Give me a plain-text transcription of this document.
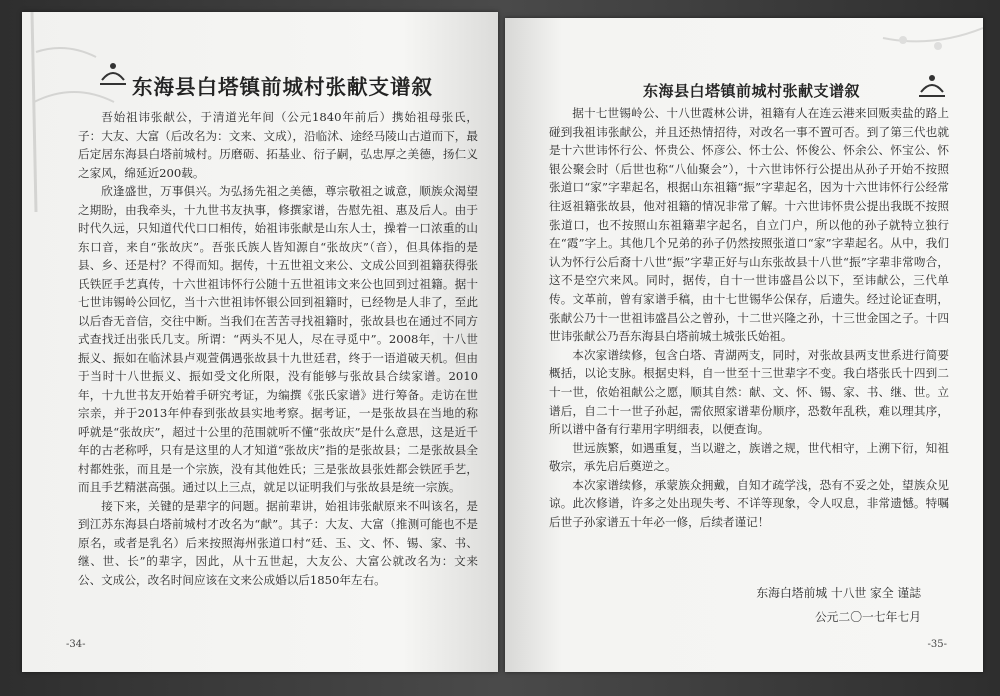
东海县白塔镇前城村张献支谱叙

吾始祖讳张献公，于清道光年间（公元1840年前后）携始祖母张氏，子：大友、大富（后改名为：文来、文成），沿临沭、途经马陵山古道而下，最后定居东海县白塔前城村。历磨砺、拓基业、衍子嗣，弘忠厚之美德，扬仁义之家风，绵延近200载。

欣逢盛世，万事俱兴。为弘扬先祖之美德，尊宗敬祖之诚意，顺族众渴望之期盼，由我牵头，十九世书友执事，修撰家谱，告慰先祖、惠及后人。由于时代久远，只知道代代口口相传，始祖讳张献是山东人士，操着一口浓重的山东口音，来自“张故庆”。吾张氏族人皆知源自“张故庆”（音），但具体指的是县、乡、还是村？不得而知。据传，十五世祖文来公、文成公回到祖籍获得张氏铁匠手艺真传，十六世祖讳怀行公随十五世祖讳文来公也回到过祖籍。据十七世讳锡岭公回忆，当十六世祖讳怀银公回到祖籍时，已经物是人非了，至此以后杳无音信，交往中断。当我们在苦苦寻找祖籍时，张故县也在通过不同方式查找迁出张氏几支。所谓：“两头不见人，尽在寻觅中”。2008年，十八世振义、振如在临沭县卢观萱偶遇张故县十九世廷君，终于一语道破天机。但由于当时十八世振义、振如受文化所限，没有能够与张故县合续家谱。2010年，十九世书友开始着手研究考证，为编撰《张氏家谱》进行筹备。走访在世宗亲，并于2013年仲春到张故县实地考察。据考证，一是张故县在当地的称呼就是“张故庆”，超过十公里的范围就听不懂“张故庆”是什么意思，这是近千年的古老称呼，只有是这里的人才知道“张故庆”指的是张故县；二是张故县全村都姓张，而且是一个宗族，没有其他姓氏；三是张故县张姓都会铁匠手艺，而且手艺精湛高强。通过以上三点，就足以证明我们与张故县是统一宗族。

接下来，关键的是辈字的问题。据前辈讲，始祖讳张献原来不叫该名，是到江苏东海县白塔前城村才改名为“献”。其子：大友、大富（推测可能也不是原名，或者是乳名）后来按照海州张道口村“廷、玉、文、怀、锡、家、书、继、世、长”的辈字，因此，从十五世起，大友公、大富公就改名为：文来公、文成公，改名时间应该在文来公成婚以后1850年左右。

-34-
东海县白塔镇前城村张献支谱叙

据十七世锡岭公、十八世霞林公讲，祖籍有人在连云港来回贩卖盐的路上碰到我祖讳张献公，并且还热情招待，对改名一事不置可否。到了第三代也就是十六世讳怀行公、怀贵公、怀彦公、怀士公、怀俊公、怀余公、怀宝公、怀银公聚会时（后世也称“八仙聚会”），十六世讳怀行公提出从孙子开始不按照张道口“家”字辈起名，根据山东祖籍“振”字辈起名，因为十六世讳怀行公经常往返祖籍张故县，他对祖籍的情况非常了解。十六世讳怀贵公提出我既不按照张道口，也不按照山东祖籍辈字起名，自立门户，所以他的孙子就特立独行在“霞”字上。其他几个兄弟的孙子仍然按照张道口“家”字辈起名。从中，我们认为怀行公后裔十八世“振”字辈正好与山东张故县十八世“振”字辈非常吻合，这不是空穴来风。同时，据传，自十一世讳盛昌公以下，至讳献公，三代单传。文革前，曾有家谱手稿，由十七世锡华公保存，后遗失。经过论证查明，张献公乃十一世祖讳盛昌公之曾孙，十二世兴隆之孙，十三世金国之子。十四世讳张献公乃吾东海县白塔前城土城张氏始祖。

本次家谱续修，包含白塔、青湖两支，同时，对张故县两支世系进行简要概括，以论支脉。根据史料，自一世至十三世辈字不变。我白塔张氏十四到二十一世，依始祖献公之愿，顺其自然：献、文、怀、锡、家、书、继、世。立谱后，自二十一世子孙起，需依照家谱辈份顺序，恐数年乱秩，难以理其序，所以谱中备有行辈用字明细表，以便查询。

世远族繁，如遇重复，当以避之，族谱之规，世代相守，上溯下衍，知祖敬宗，承先启后奠逆之。

本次家谱续修，承蒙族众拥戴，自知才疏学浅，恐有不妥之处，望族众见谅。此次修谱，许多之处出现失考、不详等现象，令人叹息，非常遗憾。特嘱后世子孙家谱五十年必一修，后续者谨记！

东海白塔前城 十八世 家全 谨誌
公元二〇一七年七月
-35-
